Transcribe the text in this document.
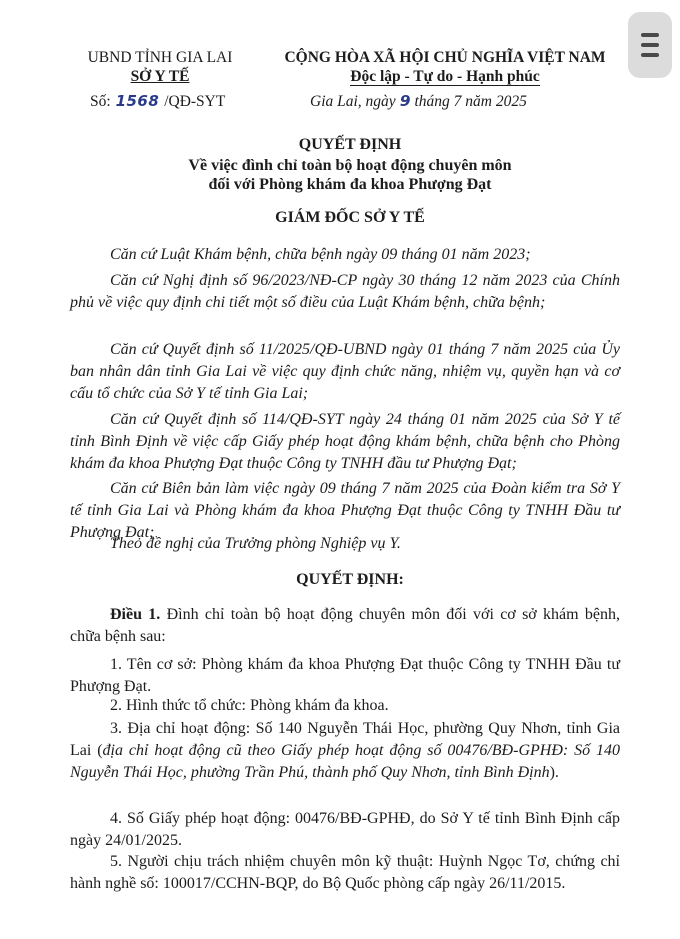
UBND TỈNH GIA LAI
SỞ Y TẾ
Số: 1568 /QĐ-SYT
CỘNG HÒA XÃ HỘI CHỦ NGHĨA VIỆT NAM
Độc lập - Tự do - Hạnh phúc
Gia Lai, ngày 9 tháng 7 năm 2025
QUYẾT ĐỊNH
Về việc đình chỉ toàn bộ hoạt động chuyên môn
đối với Phòng khám đa khoa Phượng Đạt
GIÁM ĐỐC SỞ Y TẾ
Căn cứ Luật Khám bệnh, chữa bệnh ngày 09 tháng 01 năm 2023;
Căn cứ Nghị định số 96/2023/NĐ-CP ngày 30 tháng 12 năm 2023 của Chính phủ về việc quy định chi tiết một số điều của Luật Khám bệnh, chữa bệnh;
Căn cứ Quyết định số 11/2025/QĐ-UBND ngày 01 tháng 7 năm 2025 của Ủy ban nhân dân tỉnh Gia Lai về việc quy định chức năng, nhiệm vụ, quyền hạn và cơ cấu tổ chức của Sở Y tế tỉnh Gia Lai;
Căn cứ Quyết định số 114/QĐ-SYT ngày 24 tháng 01 năm 2025 của Sở Y tế tỉnh Bình Định về việc cấp Giấy phép hoạt động khám bệnh, chữa bệnh cho Phòng khám đa khoa Phượng Đạt thuộc Công ty TNHH đầu tư Phượng Đạt;
Căn cứ Biên bản làm việc ngày 09 tháng 7 năm 2025 của Đoàn kiểm tra Sở Y tế tỉnh Gia Lai và Phòng khám đa khoa Phượng Đạt thuộc Công ty TNHH Đầu tư Phượng Đạt;
Theo đề nghị của Trưởng phòng Nghiệp vụ Y.
QUYẾT ĐỊNH:
Điều 1. Đình chỉ toàn bộ hoạt động chuyên môn đối với cơ sở khám bệnh, chữa bệnh sau:
1. Tên cơ sở: Phòng khám đa khoa Phượng Đạt thuộc Công ty TNHH Đầu tư Phượng Đạt.
2. Hình thức tổ chức: Phòng khám đa khoa.
3. Địa chỉ hoạt động: Số 140 Nguyễn Thái Học, phường Quy Nhơn, tỉnh Gia Lai (địa chỉ hoạt động cũ theo Giấy phép hoạt động số 00476/BĐ-GPHĐ: Số 140 Nguyễn Thái Học, phường Trần Phú, thành phố Quy Nhơn, tỉnh Bình Định).
4. Số Giấy phép hoạt động: 00476/BĐ-GPHĐ, do Sở Y tế tỉnh Bình Định cấp ngày 24/01/2025.
5. Người chịu trách nhiệm chuyên môn kỹ thuật: Huỳnh Ngọc Tơ, chứng chỉ hành nghề số: 100017/CCHN-BQP, do Bộ Quốc phòng cấp ngày 26/11/2015.
